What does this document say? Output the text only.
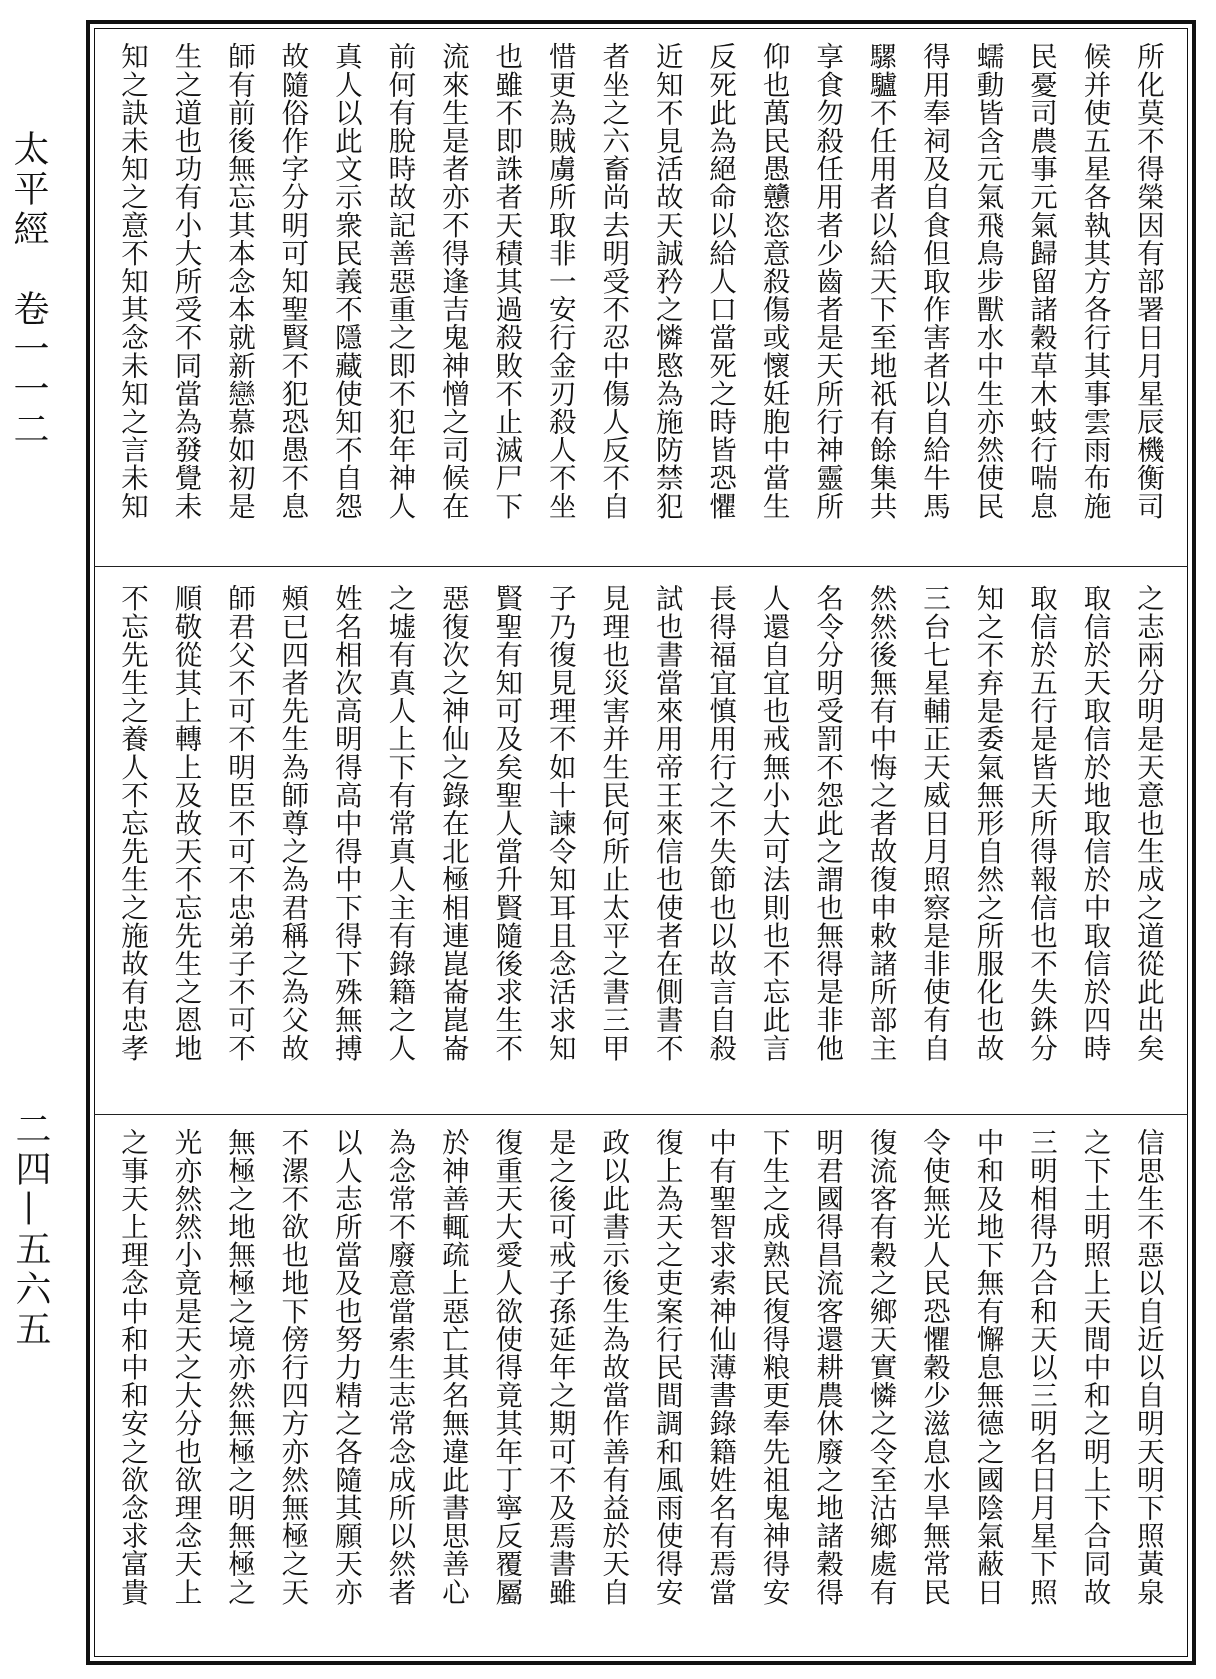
太平經　卷一一二
二四—五六五
所化莫不得榮因有部署日月星辰機衡司
候并使五星各執其方各行其事雲雨布施
民憂司農事元氣歸留諸穀草木蚑行喘息
蠕動皆含元氣飛鳥步獸水中生亦然使民
得用奉祠及自食但取作害者以自給牛馬
騾驢不任用者以給天下至地祇有餘集共
享食勿殺任用者少齒者是天所行神靈所
仰也萬民愚戇恣意殺傷或懷妊胞中當生
反死此為絕命以給人口當死之時皆恐懼
近知不見活故天誠矜之憐愍為施防禁犯
者坐之六畜尚去明受不忍中傷人反不自
惜更為賊虜所取非一安行金刃殺人不坐
也雖不即誅者天積其過殺敗不止滅尸下
流來生是者亦不得逢吉鬼神憎之司候在
前何有脫時故記善惡重之即不犯年神人
真人以此文示衆民義不隱藏使知不自怨
故隨俗作字分明可知聖賢不犯恐愚不息
師有前後無忘其本念本就新戀慕如初是
生之道也功有小大所受不同當為發覺未
知之訣未知之意不知其念未知之言未知
之志兩分明是天意也生成之道從此出矣
取信於天取信於地取信於中取信於四時
取信於五行是皆天所得報信也不失銖分
知之不弃是委氣無形自然之所服化也故
三台七星輔正天威日月照察是非使有自
然然後無有中悔之者故復申敕諸所部主
名令分明受罰不怨此之謂也無得是非他
人還自宜也戒無小大可法則也不忘此言
長得福宜慎用行之不失節也以故言自殺
試也書當來用帝王來信也使者在側書不
見理也災害并生民何所止太平之書三甲
子乃復見理不如十諫令知耳且念活求知
賢聖有知可及矣聖人當升賢隨後求生不
惡復次之神仙之錄在北極相連崑崙崑崙
之墟有真人上下有常真人主有錄籍之人
姓名相次高明得高中得中下得下殊無搏
頰已四者先生為師尊之為君稱之為父故
師君父不可不明臣不可不忠弟子不可不
順敬從其上轉上及故天不忘先生之恩地
不忘先生之養人不忘先生之施故有忠孝
信思生不惡以自近以自明天明下照黃泉
之下土明照上天間中和之明上下合同故
三明相得乃合和天以三明名日月星下照
中和及地下無有懈息無德之國陰氣蔽日
令使無光人民恐懼穀少滋息水旱無常民
復流客有穀之鄉天實憐之令至沽鄉處有
明君國得昌流客還耕農休廢之地諸穀得
下生之成熟民復得粮更奉先祖鬼神得安
中有聖智求索神仙薄書錄籍姓名有焉當
復上為天之吏案行民間調和風雨使得安
政以此書示後生為故當作善有益於天自
是之後可戒子孫延年之期可不及焉書雖
復重天大愛人欲使得竟其年丁寧反覆屬
於神善輒疏上惡亡其名無違此書思善心
為念常不廢意當索生志常念成所以然者
以人志所當及也努力精之各隨其願天亦
不漯不欲也地下傍行四方亦然無極之天
無極之地無極之境亦然無極之明無極之
光亦然然小竟是天之大分也欲理念天上
之事天上理念中和中和安之欲念求富貴
